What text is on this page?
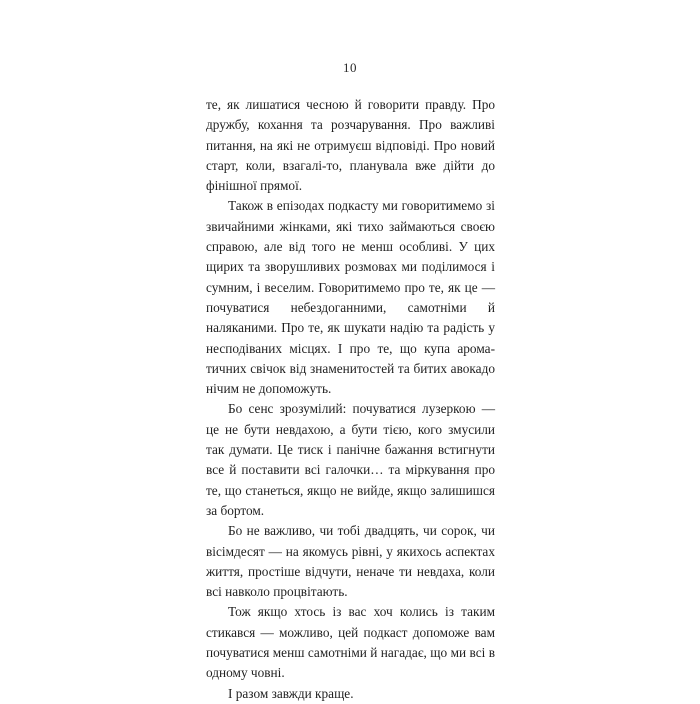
10

те, як лишатися чесною й говорити правду. Про дружбу, кохання та розчарування. Про важливі питання, на які не отримуєш відповіді. Про новий старт, коли, взагалі-то, планувала вже дійти до фінішної прямої.

Також в епізодах подкасту ми говоритимемо зі звичайними жінками, які тихо займаються своєю справою, але від того не менш особливі. У цих щирих та зворушливих розмовах ми поділимося і сумним, і веселим. Говоритимемо про те, як це — почуватися небездоганними, самотніми й наляканими. Про те, як шукати надію та радість у несподіваних місцях. І про те, що купа ароматичних свічок від знаменитостей та битих авокадо нічим не допоможуть.

Бо сенс зрозумілий: почуватися лузеркою — це не бути невдахою, а бути тією, кого змусили так думати. Це тиск і панічне бажання встигнути все й поставити всі галочки… та міркування про те, що станеться, якщо не вийде, якщо залишишся за бортом.

Бо не важливо, чи тобі двадцять, чи сорок, чи вісімдесят — на якомусь рівні, у якихось аспектах життя, простіше відчути, неначе ти невдаха, коли всі навколо процвітають.

Тож якщо хтось із вас хоч колись із таким стикався — можливо, цей подкаст допоможе вам почуватися менш самотніми й нагадає, що ми всі в одному човні.

І разом завжди краще.
